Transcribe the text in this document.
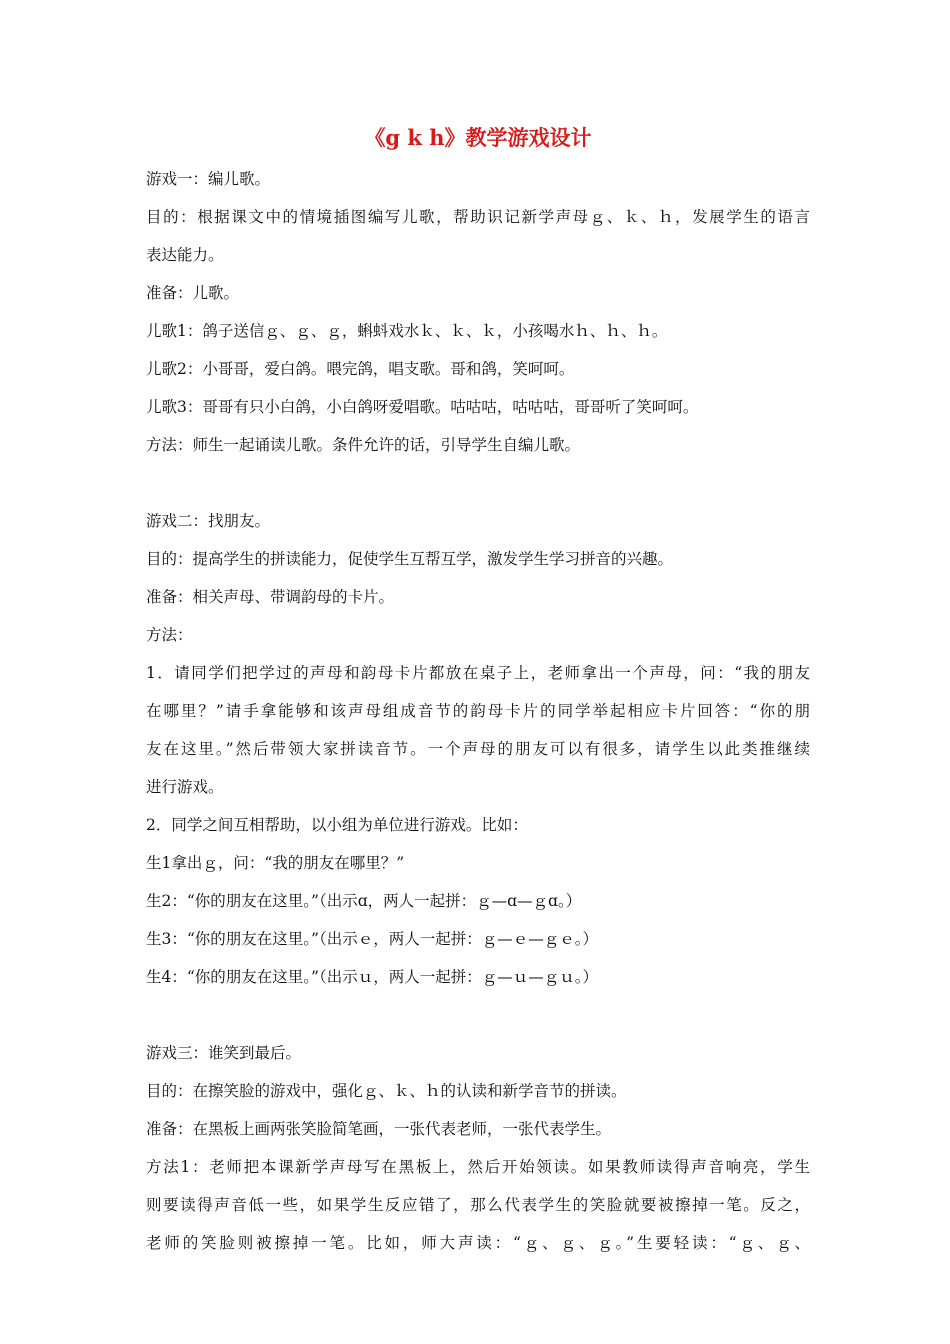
《g k h》教学游戏设计
游戏一：编儿歌。
目的：根据课文中的情境插图编写儿歌，帮助识记新学声母ｇ、ｋ、ｈ，发展学生的语言
表达能力。
准备：儿歌。
儿歌1：鸽子送信ｇ、ｇ、ｇ，蝌蚪戏水ｋ、ｋ、ｋ，小孩喝水ｈ、ｈ、ｈ。
儿歌2：小哥哥，爱白鸽。喂完鸽，唱支歌。哥和鸽，笑呵呵。
儿歌3：哥哥有只小白鸽，小白鸽呀爱唱歌。咕咕咕，咕咕咕，哥哥听了笑呵呵。
方法：师生一起诵读儿歌。条件允许的话，引导学生自编儿歌。
游戏二：找朋友。
目的：提高学生的拼读能力，促使学生互帮互学，激发学生学习拼音的兴趣。
准备：相关声母、带调韵母的卡片。
方法：
1．请同学们把学过的声母和韵母卡片都放在桌子上，老师拿出一个声母，问：“我的朋友
在哪里？”请手拿能够和该声母组成音节的韵母卡片的同学举起相应卡片回答：“你的朋
友在这里。”然后带领大家拼读音节。一个声母的朋友可以有很多，请学生以此类推继续
进行游戏。
2．同学之间互相帮助，以小组为单位进行游戏。比如：
生1拿出ｇ，问：“我的朋友在哪里？”
生2：“你的朋友在这里。”（出示ɑ，两人一起拼：ｇ—ɑ—ｇɑ。）
生3：“你的朋友在这里。”（出示ｅ，两人一起拼：ｇ—ｅ—ｇｅ。）
生4：“你的朋友在这里。”（出示ｕ，两人一起拼：ｇ—ｕ—ｇｕ。）
游戏三：谁笑到最后。
目的：在擦笑脸的游戏中，强化ｇ、ｋ、ｈ的认读和新学音节的拼读。
准备：在黑板上画两张笑脸简笔画，一张代表老师，一张代表学生。
方法1：老师把本课新学声母写在黑板上，然后开始领读。如果教师读得声音响亮，学生
则要读得声音低一些，如果学生反应错了，那么代表学生的笑脸就要被擦掉一笔。反之，
老师的笑脸则被擦掉一笔。比如，师大声读：“ｇ、ｇ、ｇ。”生要轻读：“ｇ、ｇ、
